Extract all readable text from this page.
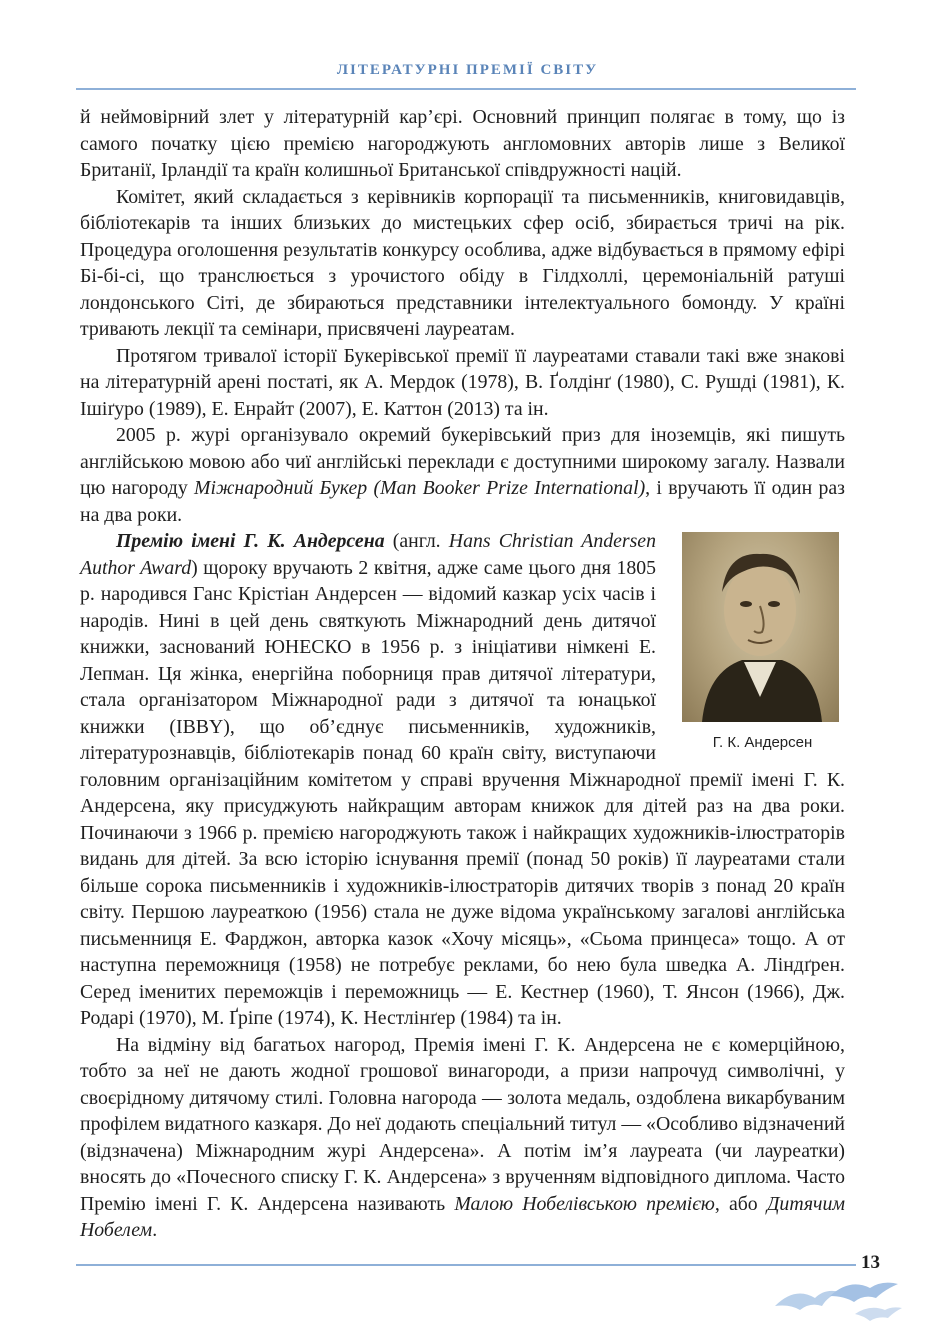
ЛІТЕРАТУРНІ ПРЕМІЇ СВІТУ

й неймовірний злет у літературній кар’єрі. Основний принцип полягає в тому, що із самого початку цією премією нагороджують англомовних авторів лише з Великої Британії, Ірландії та країн колишньої Британської співдружності націй.

Комітет, який складається з керівників корпорації та письменників, книговидавців, бібліотекарів та інших близьких до мистецьких сфер осіб, збирається тричі на рік. Процедура оголошення результатів конкурсу особлива, адже відбувається в прямому ефірі Бі-бі-сі, що транслюється з урочистого обіду в Гілдхоллі, церемоніальній ратуші лондонського Сіті, де збираються представники інтелектуального бомонду. У країні тривають лекції та семінари, присвячені лауреатам.

Протягом тривалої історії Букерівської премії її лауреатами ставали такі вже знакові на літературній арені постаті, як А. Мердок (1978), В. Ґолдінґ (1980), С. Рушді (1981), К. Ішіґуро (1989), Е. Енрайт (2007), Е. Каттон (2013) та ін.

2005 р. журі організувало окремий букерівський приз для іноземців, які пишуть англійською мовою або чиї англійські переклади є доступними широкому загалу. Назвали цю нагороду Міжнародний Букер (Man Booker Prize International), і вручають її один раз на два роки.

Г. К. Андерсен

Премію імені Г. К. Андерсена (англ. Hans Christian Andersen Author Award) щороку вручають 2 квітня, адже саме цього дня 1805 р. народився Ганс Крістіан Андерсен — відомий казкар усіх часів і народів. Нині в цей день святкують Міжнародний день дитячої книжки, заснований ЮНЕСКО в 1956 р. з ініціативи німкені Е. Лепман. Ця жінка, енергійна поборниця прав дитячої літератури, стала організатором Міжнародної ради з дитячої та юнацької книжки (IBBY), що об’єднує письменників, художників, літературознавців, бібліотекарів понад 60 країн світу, виступаючи головним організаційним комітетом у справі вручення Міжнародної премії імені Г. К. Андерсена, яку присуджують найкращим авторам книжок для дітей раз на два роки. Починаючи з 1966 р. премією нагороджують також і найкращих художників-ілюстраторів видань для дітей. За всю історію існування премії (понад 50 років) її лауреатами стали більше сорока письменників і художників-ілюстраторів дитячих творів з понад 20 країн світу. Першою лауреаткою (1956) стала не дуже відома українському загалові англійська письменниця Е. Фарджон, авторка казок «Хочу місяць», «Сьома принцеса» тощо. А от наступна переможниця (1958) не потребує реклами, бо нею була шведка А. Ліндґрен. Серед іменитих переможців і переможниць — Е. Кестнер (1960), Т. Янсон (1966), Дж. Родарі (1970), М. Ґріпе (1974), К. Нестлінґер (1984) та ін.

На відміну від багатьох нагород, Премія імені Г. К. Андерсена не є комерційною, тобто за неї не дають жодної грошової винагороди, а призи напрочуд символічні, у своєрідному дитячому стилі. Головна нагорода — золота медаль, оздоблена викарбуваним профілем видатного казкаря. До неї додають спеціальний титул — «Особливо відзначений (відзначена) Міжнародним журі Андерсена». А потім ім’я лауреата (чи лауреатки) вносять до «Почесного списку Г. К. Андерсена» з врученням відповідного диплома. Часто Премію імені Г. К. Андерсена називають Малою Нобелівською премією, або Дитячим Нобелем.

13
